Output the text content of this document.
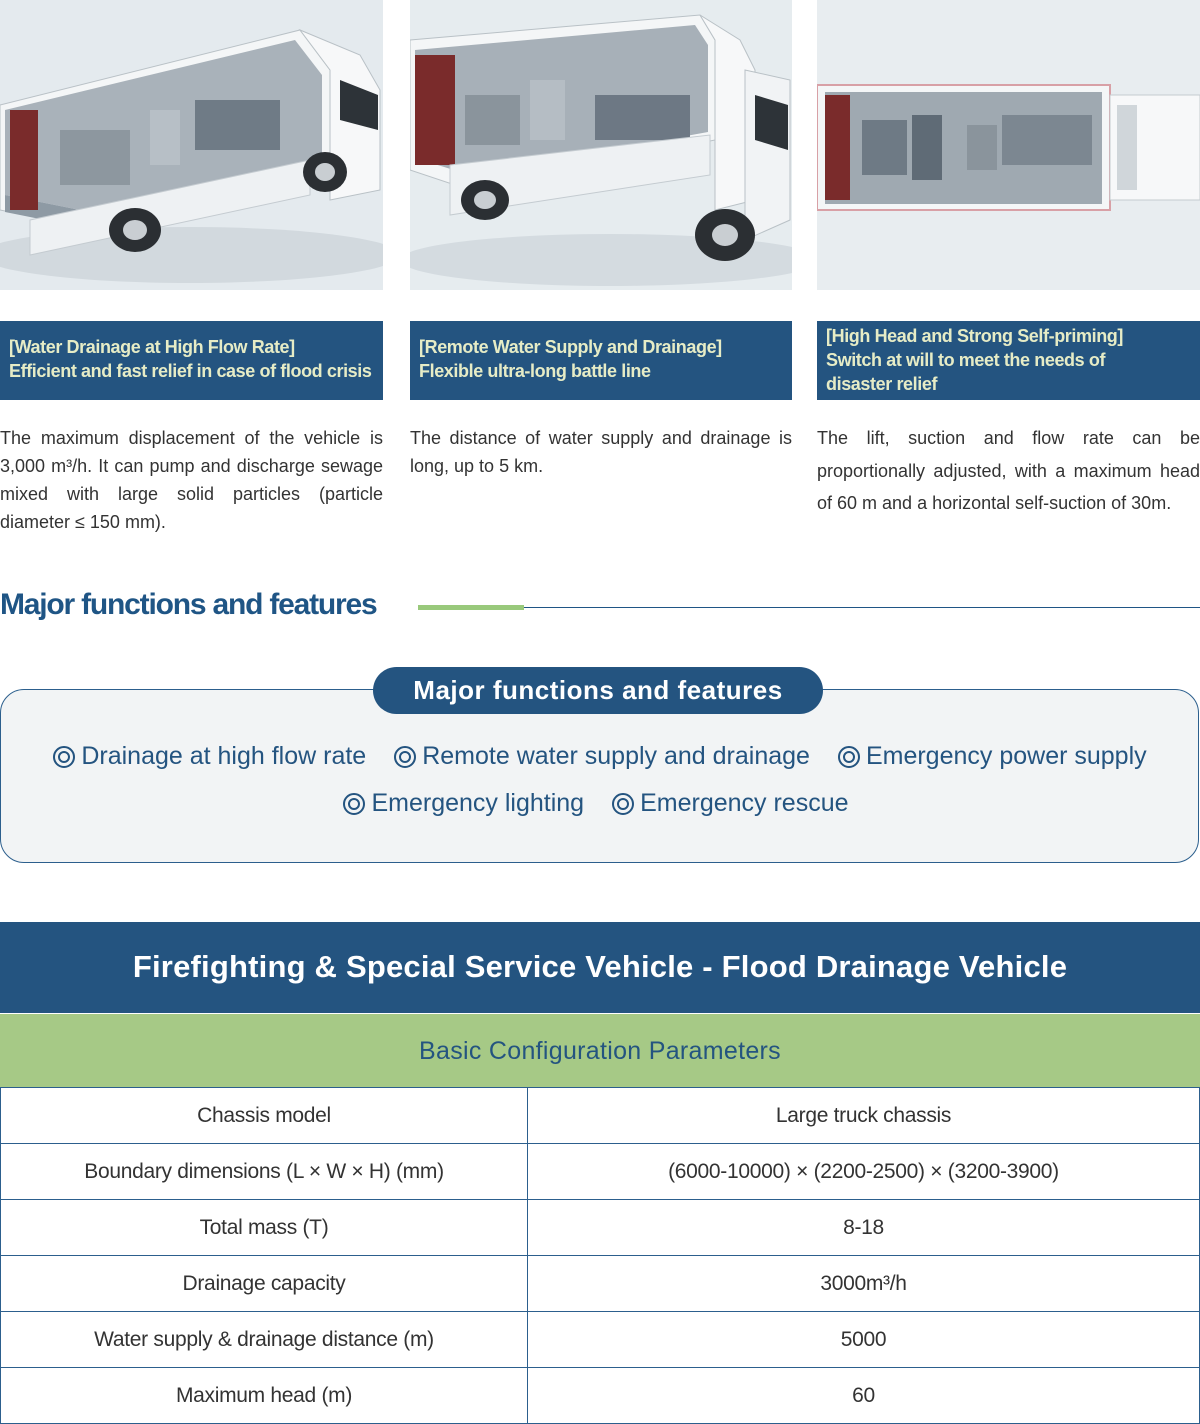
[Water Drainage at High Flow Rate]
Efficient and fast relief in case of flood crisis

The maximum displacement of the vehicle is 3,000 m³/h. It can pump and discharge sewage mixed with large solid particles (particle diameter ≤ 150 mm).

[Remote Water Supply and Drainage]
Flexible ultra-long battle line

The distance of water supply and drainage is long, up to 5 km.

[High Head and Strong Self-priming]
Switch at will to meet the needs of
disaster relief

The lift, suction and flow rate can be proportionally adjusted, with a maximum head of 60 m and a horizontal self-suction of 30m.

Major functions and features
Major functions and features
Drainage at high flow rate Remote water supply and drainage Emergency power supply
Emergency lighting Emergency rescue
Firefighting & Special Service Vehicle - Flood Drainage Vehicle
Basic Configuration Parameters
Chassis model	Large truck chassis
Boundary dimensions (L × W × H) (mm)	(6000-10000) × (2200-2500) × (3200-3900)
Total mass (T)	8-18
Drainage capacity	3000m³/h
Water supply & drainage distance (m)	5000
Maximum head (m)	60
